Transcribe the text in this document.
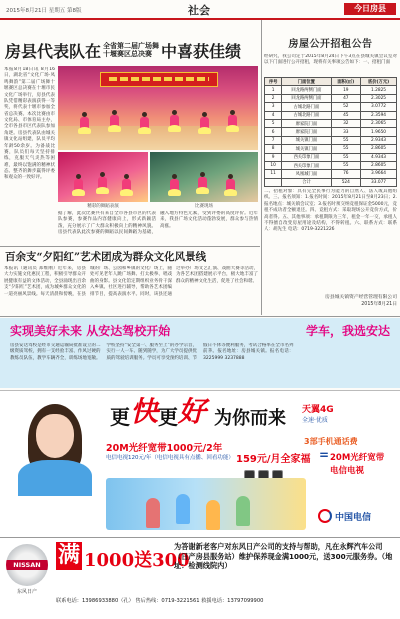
2015年8月21日 星期五 第8版	社会	今日房县
房县代表队在 全省第二届广场舞
十堰赛区总决赛 中喜获佳绩
本报8月18日讯 8月16日，湖北省“文化广场·凤鸣舞韵”第二届广场舞十堰赛区总决赛在十堰市民文化广场举行，房县代表队凭借精彩表演获得一等奖，将代表十堰市参加全省总决赛。本次比赛由市文化局、市体育局主办，全市各县市区代表队参加角逐。房县代表队由城关镇文化站组建，队员平均年龄50余岁。为备战比赛，队员们每天坚持排练，克服天气炎热等困难，最终以饱满的精神状态、整齐的舞步赢得评委和观众的一致好评。
精彩的舞蹈表演	比赛现场
据了解，此次比赛共有来自全市各县市区的代表队参赛，参赛作品内容健康向上，形式新颖活泼，充分展示了广大群众积极向上的精神风貌。房县代表队此次参赛的舞蹈以民间舞蹈为基础，融入地方特色元素，受到评委的高度评价。近年来，我县广场文化活动蓬勃发展，群众参与热情高涨。
房屋公开招租公告
经研究，我公司定于2015年8月24日下午3点在县城关镇会议室对以下门面进行公开招租，现将有关事项公告如下：一、招租门面
序号	门面位置	面积(㎡)	底价(万元)
1	回龙路两侧门面	19	1.2825
2	回龙路两侧门面	47	2.3025
3	古城北路门面	52	3.0772
4	古城北路门面	45	2.3594
5	廖家院门面	32	2.3065
6	廖家院门面	33	1.9650
7	城关镇门面	55	2.9343
8	城关镇门面	55	2.8605
9	西关印象门面	55	4.9343
10	西关印象门面	55	2.8605
11	凤凰城门面	76	3.9664
	合计	524	33.077
二、招租对象：具有完全民事行为能力的自然人、法人或其他组织。三、报名须知：1.报名时间：2015年8月21日至8月23日；2.报名地点：城关镇会议室；3.报名时须交纳竞租保证金5000元，竞租不成功者全额退还。四、竞租方式：采取现场公开竞价方式，价高者得。五、其他事项：承租期限为三年，租金一年一交，承租人不得擅自改变房屋用途及结构，不得转租。六、联系方式：联系人：胡先生 电话：0719-3221226
房县城关镇资产经营管理有限公司
2015年8月21日
百余支“夕阳红”艺术团成为群众文化风景线
本报讯（通讯员 郑维刚）近年来，房县大力实施文化惠民工程，积极引导群众开展健康有益的文体活动，全县涌现出百余支“夕阳红”艺术团，成为城乡群众文化的一道亮丽风景线。每天清晨和傍晚，在县城的广场、公园和乡镇的文化广场上，随处可见老年人跳广场舞、打太极拳、唱戏曲的身影。县文化馆定期组织业务骨干深入乡镇、社区进行辅导，帮助各艺术团编排节目，提高表演水平。同时，该县还通过举办广场文艺汇演、戏曲大赛等活动，为各艺术团搭建展示平台，极大地丰富了群众的精神文化生活，促进了社会和谐。
实现美好未来 从安达驾校开始	学车，我选安达
房县安达驾校是经市交通运输局批准设立的二级资质驾校，拥有一支经验丰富、作风过硬的教练员队伍，教学车辆齐全，训练场地宽敞。学校坚持“安全第一、服务至上”的办学宗旨，实行一人一车、随到随学，为广大学员提供优质的驾驶培训服务。学员可享受预约培训、节假日不休等便利服务，考试合格率在全市名列前茅。报名地址：房县城关镇。报名电话：3225999 3237888
更 快 更 好 为你而来 天翼4G
全速·优质
20M光纤宽带1000元/2年
电信电视120元/年（电信电视具有点播、回看功能）
3部手机通话费
159元/月全家福 = 20M光纤宽带
电信电视
中国电信
NISSAN
东风日产
满 1000送300
为答谢新老客户对东风日产公司的支持与帮助，凡在永辉汽车公司（日产房县服务站）维护保养现金满1000元，送300元服务券。（地址：检测线院内）
联系电话：13986933880（孔） 售后热线：0719-3221561 救援电话：13797099900
